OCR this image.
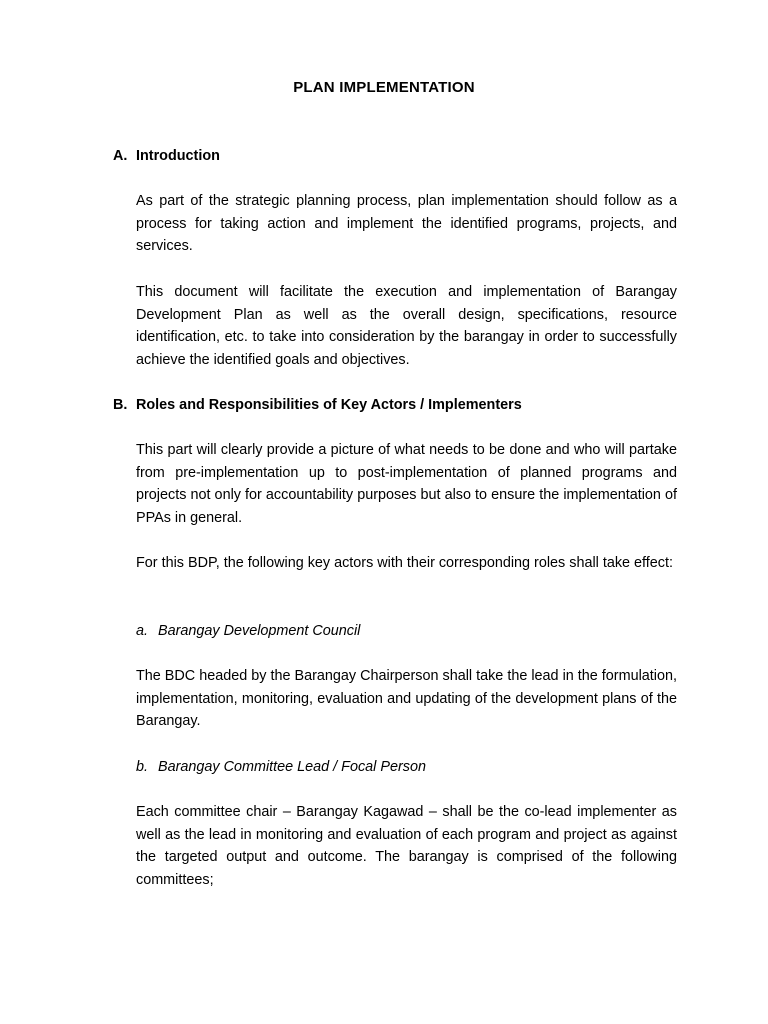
PLAN IMPLEMENTATION
A. Introduction
As part of the strategic planning process, plan implementation should follow as a process for taking action and implement the identified programs, projects, and services.
This document will facilitate the execution and implementation of Barangay Development Plan as well as the overall design, specifications, resource identification, etc. to take into consideration by the barangay in order to successfully achieve the identified goals and objectives.
B. Roles and Responsibilities of Key Actors / Implementers
This part will clearly provide a picture of what needs to be done and who will partake from pre-implementation up to post-implementation of planned programs and projects not only for accountability purposes but also to ensure the implementation of PPAs in general.
For this BDP, the following key actors with their corresponding roles shall take effect:
a. Barangay Development Council
The BDC headed by the Barangay Chairperson shall take the lead in the formulation, implementation, monitoring, evaluation and updating of the development plans of the Barangay.
b. Barangay Committee Lead / Focal Person
Each committee chair – Barangay Kagawad – shall be the co-lead implementer as well as the lead in monitoring and evaluation of each program and project as against the targeted output and outcome. The barangay is comprised of the following committees;
